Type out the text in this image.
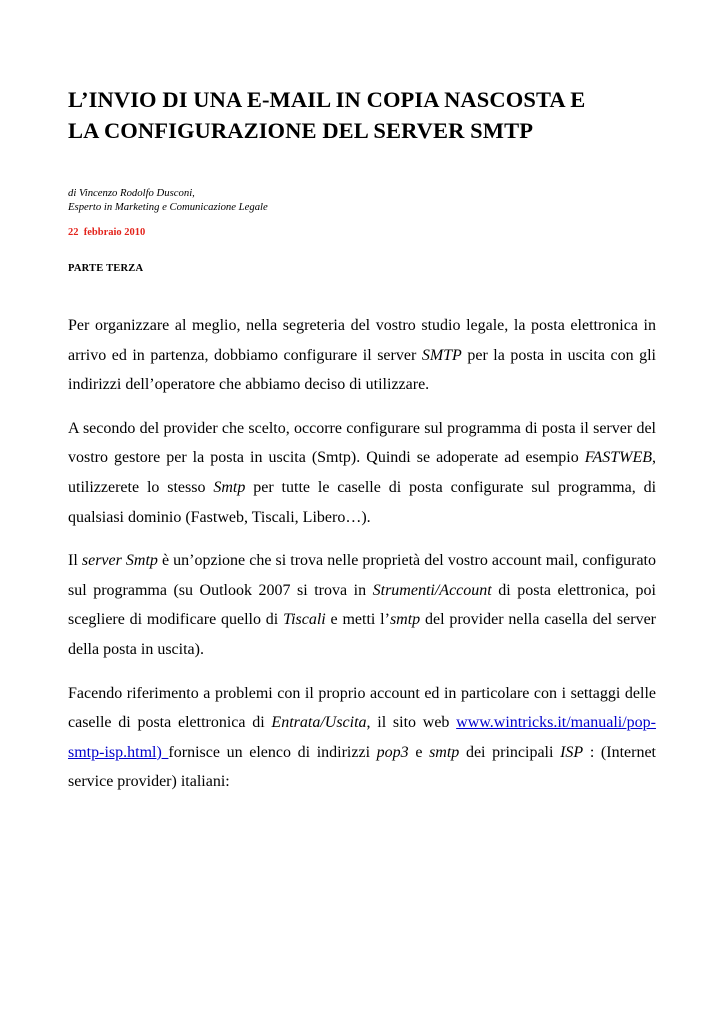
L’INVIO DI UNA E-MAIL IN COPIA NASCOSTA E
LA CONFIGURAZIONE DEL SERVER SMTP
di Vincenzo Rodolfo Dusconi,
Esperto in Marketing e Comunicazione Legale
22  febbraio 2010
PARTE TERZA

Per organizzare al meglio, nella segreteria del vostro studio legale, la posta elettronica in arrivo ed in partenza, dobbiamo configurare il server SMTP per la posta in uscita con gli indirizzi dell’operatore che abbiamo deciso di utilizzare.

A secondo del provider che scelto, occorre configurare sul programma di posta il server del vostro gestore per la posta in uscita (Smtp). Quindi se adoperate ad esempio FASTWEB, utilizzerete lo stesso Smtp per tutte le caselle di posta configurate sul programma, di qualsiasi dominio (Fastweb, Tiscali, Libero…).

Il server Smtp è un’opzione che si trova nelle proprietà del vostro account mail, configurato sul programma (su Outlook 2007 si trova in Strumenti/Account di posta elettronica, poi scegliere di modificare quello di Tiscali e metti l’smtp del provider nella casella del server della posta in uscita).

Facendo riferimento a problemi con il proprio account ed in particolare con i settaggi delle caselle di posta elettronica di Entrata/Uscita, il sito web www.wintricks.it/manuali/pop-smtp-isp.html) fornisce un elenco di indirizzi pop3 e smtp dei principali ISP : (Internet service provider) italiani:
